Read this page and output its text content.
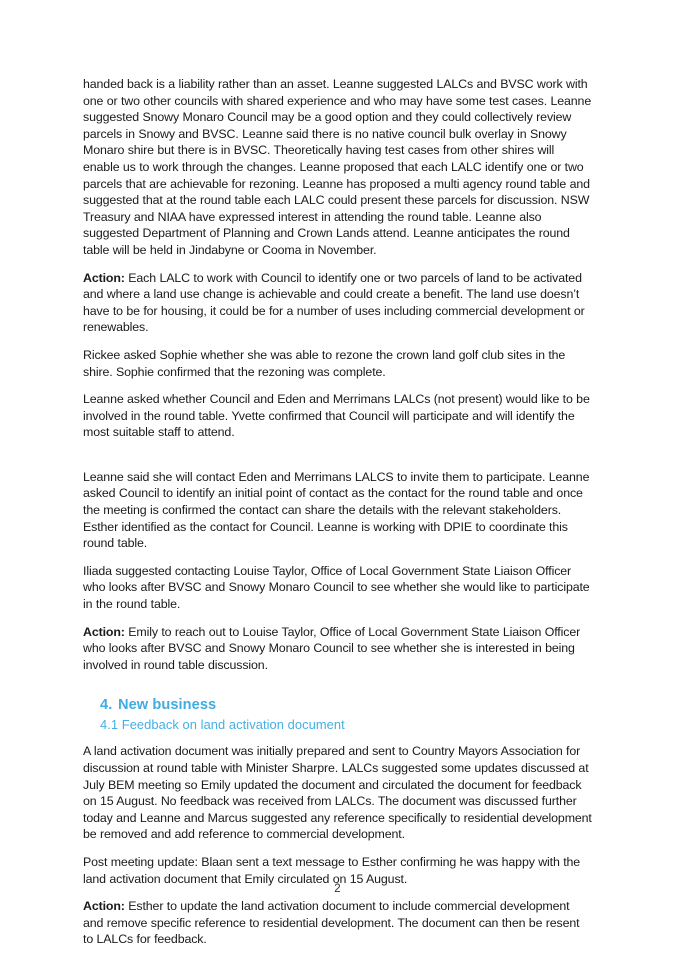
handed back is a liability rather than an asset. Leanne suggested LALCs and BVSC work with one or two other councils with shared experience and who may have some test cases. Leanne suggested Snowy Monaro Council may be a good option and they could collectively review parcels in Snowy and BVSC. Leanne said there is no native council bulk overlay in Snowy Monaro shire but there is in BVSC. Theoretically having test cases from other shires will enable us to work through the changes. Leanne proposed that each LALC identify one or two parcels that are achievable for rezoning. Leanne has proposed a multi agency round table and suggested that at the round table each LALC could present these parcels for discussion. NSW Treasury and NIAA have expressed interest in attending the round table. Leanne also suggested Department of Planning and Crown Lands attend. Leanne anticipates the round table will be held in Jindabyne or Cooma in November.

Action: Each LALC to work with Council to identify one or two parcels of land to be activated and where a land use change is achievable and could create a benefit. The land use doesn’t have to be for housing, it could be for a number of uses including commercial development or renewables.

Rickee asked Sophie whether she was able to rezone the crown land golf club sites in the shire. Sophie confirmed that the rezoning was complete.

Leanne asked whether Council and Eden and Merrimans LALCs (not present) would like to be involved in the round table. Yvette confirmed that Council will participate and will identify the most suitable staff to attend.

Leanne said she will contact Eden and Merrimans LALCS to invite them to participate. Leanne asked Council to identify an initial point of contact as the contact for the round table and once the meeting is confirmed the contact can share the details with the relevant stakeholders. Esther identified as the contact for Council. Leanne is working with DPIE to coordinate this round table.

Iliada suggested contacting Louise Taylor, Office of Local Government State Liaison Officer who looks after BVSC and Snowy Monaro Council to see whether she would like to participate in the round table.

Action: Emily to reach out to Louise Taylor, Office of Local Government State Liaison Officer who looks after BVSC and Snowy Monaro Council to see whether she is interested in being involved in round table discussion.

4. New business
4.1 Feedback on land activation document

A land activation document was initially prepared and sent to Country Mayors Association for discussion at round table with Minister Sharpre. LALCs suggested some updates discussed at July BEM meeting so Emily updated the document and circulated the document for feedback on 15 August. No feedback was received from LALCs. The document was discussed further today and Leanne and Marcus suggested any reference specifically to residential development be removed and add reference to commercial development.

Post meeting update: Blaan sent a text message to Esther confirming he was happy with the land activation document that Emily circulated on 15 August.

Action: Esther to update the land activation document to include commercial development and remove specific reference to residential development. The document can then be resent to LALCs for feedback.

2
